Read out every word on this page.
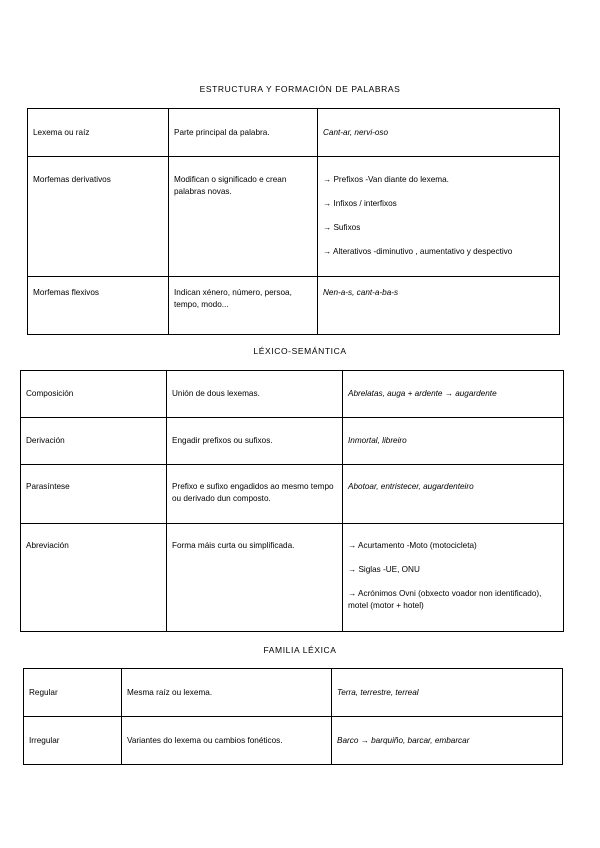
ESTRUCTURA Y FORMACIÓN DE PALABRAS
Lexema ou raíz	Parte principal da palabra.	Cant-ar, nervi-oso
Morfemas derivativos	Modifican o significado e crean palabras novas.	→ Prefixos -Van diante do lexema.

→ Infixos / interfixos

→ Sufixos

→ Alterativos -diminutivo , aumentativo y despectivo

Morfemas flexivos	Indican xénero, número, persoa, tempo, modo...	Nen-a-s, cant-a-ba-s
LÉXICO-SEMÁNTICA
Composición	Unión de dous lexemas.	Abrelatas, auga + ardente → augardente
Derivación	Engadir prefixos ou sufixos.	Inmortal, libreiro
Parasíntese	Prefixo e sufixo engadidos ao mesmo tempo ou derivado dun composto.	Abotoar, entristecer, augardenteiro
Abreviación	Forma máis curta ou simplificada.	→ Acurtamento -Moto (motocicleta)

→ Siglas -UE, ONU

→ Acrónimos Ovni (obxecto voador non identificado), motel (motor + hotel)

FAMILIA LÉXICA
Regular	Mesma raíz ou lexema.	Terra, terrestre, terreal
Irregular	Variantes do lexema ou cambios fonéticos.	Barco → barquiño, barcar, embarcar
